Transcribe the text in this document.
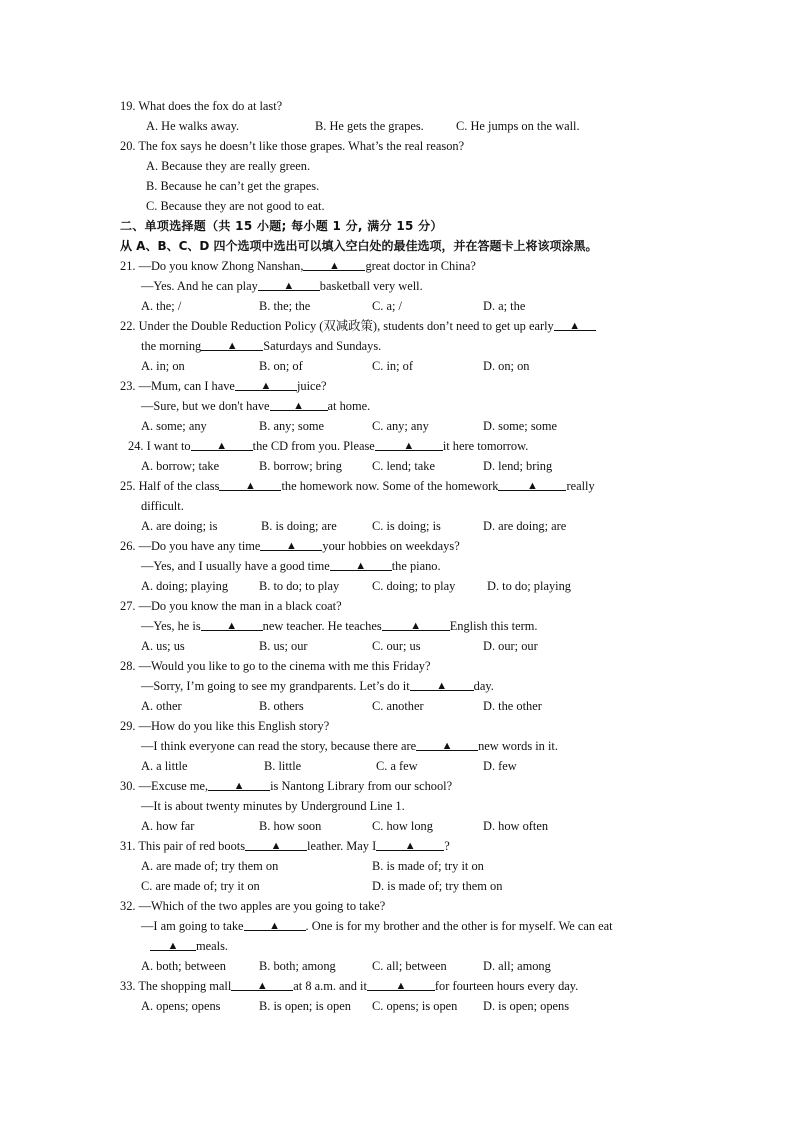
19. What does the fox do at last?
A. He walks away.	B. He gets the grapes.	C. He jumps on the wall.
20. The fox says he doesn’t like those grapes. What’s the real reason?
A. Because they are really green.
B. Because he can’t get the grapes.
C. Because they are not good to eat.
二、单项选择题（共 15 小题; 每小题 1 分, 满分 15 分）
从 A、B、C、D 四个选项中选出可以填入空白处的最佳选项，并在答题卡上将该项涂黑。
21. —Do you know Zhong Nanshan, ▲ great doctor in China?
—Yes. And he can play ▲ basketball very well.
A. the; /	B. the; the	C. a; /	D. a; the
22. Under the Double Reduction Policy (双减政策), students don’t need to get up early ▲
the morning ▲ Saturdays and Sundays.
A. in; on	B. on; of	C. in; of	D. on; on
23. —Mum, can I have ▲ juice?
—Sure, but we don't have ▲ at home.
A. some; any	B. any; some	C. any; any	D. some; some
24. I want to ▲ the CD from you. Please	▲ it here tomorrow.
A. borrow; take	B. borrow; bring C. lend; take	D. lend; bring
25. Half of the class ▲ the homework now. Some of the homework	▲ really
difficult.
A. are doing; is	B. is doing; are	C. is doing; is	D. are doing; are
26. —Do you have any time ▲ your hobbies on weekdays?
—Yes, and I usually have a good time ▲ the piano.
A. doing; playing B. to do; to play	C. doing; to play	D. to do; playing
27. —Do you know the man in a black coat?
—Yes, he is ▲ new teacher. He teaches	▲ English this term.
A. us; us	B. us; our	C. our; us	D. our; our
28. —Would you like to go to the cinema with me this Friday?
—Sorry, I’m going to see my grandparents. Let’s do it ▲ day.
A. other	B. others	C. another	D. the other
29. —How do you like this English story?
—I think everyone can read the story, because there are ▲ new words in it.
A. a little	B. little	C. a few	D. few
30. —Excuse me, ▲ is Nantong Library from our school?
—It is about twenty minutes by Underground Line 1.
A. how far	B. how soon	C. how long	D. how often
31. This pair of red boots ▲ leather. May I	▲ ?
A. are made of; try them on	B. is made of; try it on
C. are made of; try it on	D. is made of; try them on
32. —Which of the two apples are you going to take?
—I am going to take ▲ . One is for my brother and the other is for myself. We can eat
▲ meals.
A. both; between	B. both; among	C. all; between	D. all; among
33. The shopping mall ▲ at 8 a.m. and it	▲ for fourteen hours every day.
A. opens; opens	B. is open; is open C. opens; is open D. is open; opens
